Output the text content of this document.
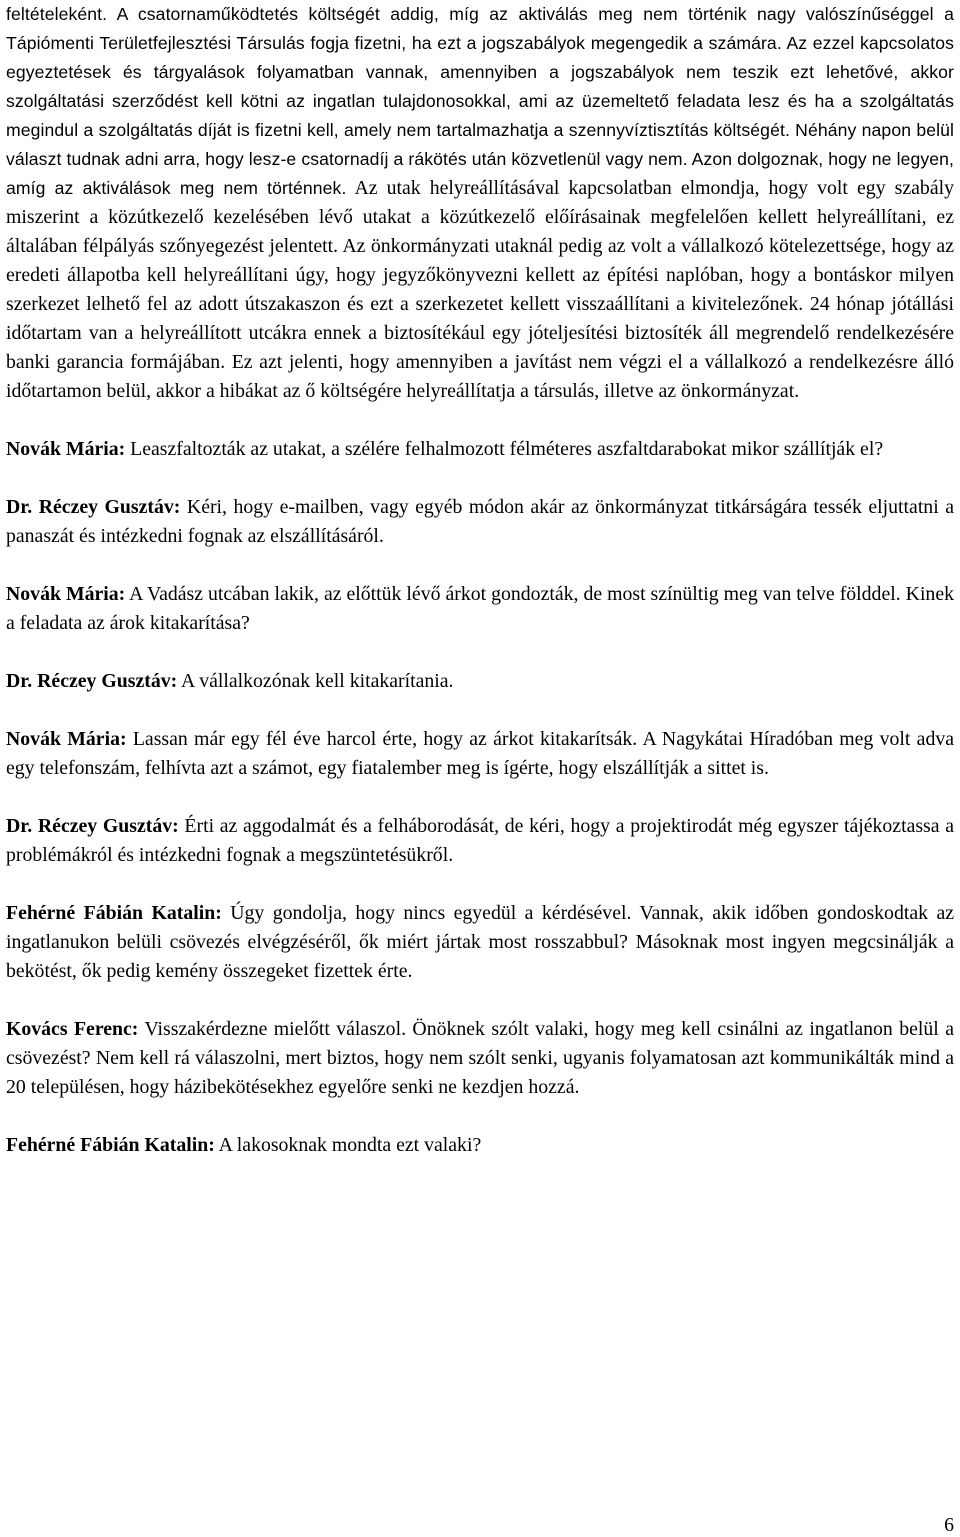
feltételeként. A csatornaműködtetés költségét addig, míg az aktiválás meg nem történik nagy valószínűséggel a Tápiómenti Területfejlesztési Társulás fogja fizetni, ha ezt a jogszabályok megengedik a számára. Az ezzel kapcsolatos egyeztetések és tárgyalások folyamatban vannak, amennyiben a jogszabályok nem teszik ezt lehetővé, akkor szolgáltatási szerződést kell kötni az ingatlan tulajdonosokkal, ami az üzemeltető feladata lesz és ha a szolgáltatás megindul a szolgáltatás díját is fizetni kell, amely nem tartalmazhatja a szennyvíztisztítás költségét. Néhány napon belül választ tudnak adni arra, hogy lesz-e csatornadíj a rákötés után közvetlenül vagy nem. Azon dolgoznak, hogy ne legyen, amíg az aktiválások meg nem történnek. Az utak helyreállításával kapcsolatban elmondja, hogy volt egy szabály miszerint a közútkezelő kezelésében lévő utakat a közútkezelő előírásainak megfelelően kellett helyreállítani, ez általában félpályás szőnyegezést jelentett. Az önkormányzati utaknál pedig az volt a vállalkozó kötelezettsége, hogy az eredeti állapotba kell helyreállítani úgy, hogy jegyzőkönyvezni kellett az építési naplóban, hogy a bontáskor milyen szerkezet lelhető fel az adott útszakaszon és ezt a szerkezetet kellett visszaállítani a kivitelezőnek. 24 hónap jótállási időtartam van a helyreállított utcákra ennek a biztosítékául egy jóteljesítési biztosíték áll megrendelő rendelkezésére banki garancia formájában. Ez azt jelenti, hogy amennyiben a javítást nem végzi el a vállalkozó a rendelkezésre álló időtartamon belül, akkor a hibákat az ő költségére helyreállítatja a társulás, illetve az önkormányzat.

Novák Mária: Leaszfaltozták az utakat, a szélére felhalmozott félméteres aszfaltdarabokat mikor szállítják el?

Dr. Réczey Gusztáv: Kéri, hogy e-mailben, vagy egyéb módon akár az önkormányzat titkárságára tessék eljuttatni a panaszát és intézkedni fognak az elszállításáról.

Novák Mária: A Vadász utcában lakik, az előttük lévő árkot gondozták, de most színültig meg van telve földdel. Kinek a feladata az árok kitakarítása?

Dr. Réczey Gusztáv: A vállalkozónak kell kitakarítania.

Novák Mária: Lassan már egy fél éve harcol érte, hogy az árkot kitakarítsák. A Nagykátai Híradóban meg volt adva egy telefonszám, felhívta azt a számot, egy fiatalember meg is ígérte, hogy elszállítják a sittet is.

Dr. Réczey Gusztáv: Érti az aggodalmát és a felháborodását, de kéri, hogy a projektirodát még egyszer tájékoztassa a problémákról és intézkedni fognak a megszüntetésükről.

Fehérné Fábián Katalin: Úgy gondolja, hogy nincs egyedül a kérdésével. Vannak, akik időben gondoskodtak az ingatlanukon belüli csövezés elvégzéséről, ők miért jártak most rosszabbul? Másoknak most ingyen megcsinálják a bekötést, ők pedig kemény összegeket fizettek érte.

Kovács Ferenc: Visszakérdezne mielőtt válaszol. Önöknek szólt valaki, hogy meg kell csinálni az ingatlanon belül a csövezést? Nem kell rá válaszolni, mert biztos, hogy nem szólt senki, ugyanis folyamatosan azt kommunikálták mind a 20 településen, hogy házibekötésekhez egyelőre senki ne kezdjen hozzá.

Fehérné Fábián Katalin: A lakosoknak mondta ezt valaki?

6
